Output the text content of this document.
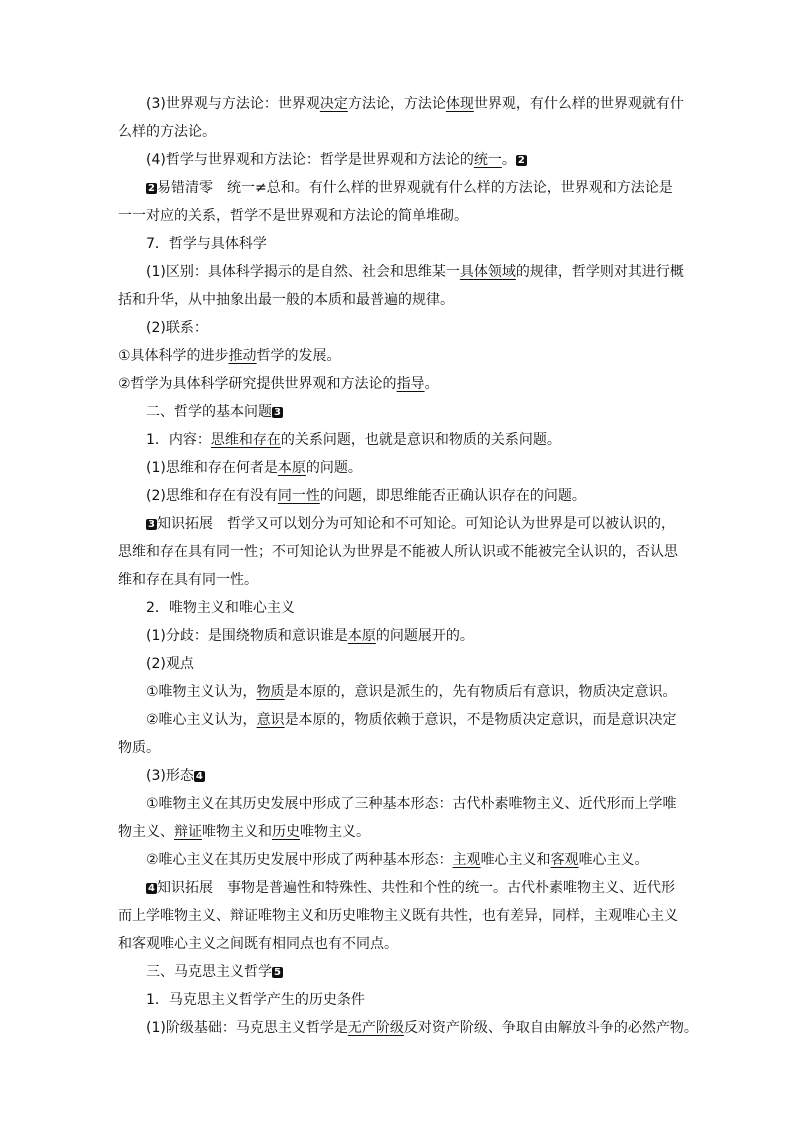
(3)世界观与方法论：世界观决定方法论，方法论体现世界观，有什么样的世界观就有什
么样的方法论。
(4)哲学与世界观和方法论：哲学是世界观和方法论的统一。 2
2 易错清零　统一≠总和。有什么样的世界观就有什么样的方法论，世界观和方法论是
一一对应的关系，哲学不是世界观和方法论的简单堆砌。
7．哲学与具体科学
(1)区别：具体科学揭示的是自然、社会和思维某一具体领域的规律，哲学则对其进行概
括和升华，从中抽象出最一般的本质和最普遍的规律。
(2)联系：
①具体科学的进步推动哲学的发展。
②哲学为具体科学研究提供世界观和方法论的指导。
二、哲学的基本问题 3
1．内容：思维和存在的关系问题，也就是意识和物质的关系问题。
(1)思维和存在何者是本原的问题。
(2)思维和存在有没有同一性的问题，即思维能否正确认识存在的问题。
3 知识拓展　哲学又可以划分为可知论和不可知论。可知论认为世界是可以被认识的，
思维和存在具有同一性；不可知论认为世界是不能被人所认识或不能被完全认识的，否认思
维和存在具有同一性。
2．唯物主义和唯心主义
(1)分歧：是围绕物质和意识谁是本原的问题展开的。
(2)观点
①唯物主义认为，物质是本原的，意识是派生的，先有物质后有意识，物质决定意识。
②唯心主义认为，意识是本原的，物质依赖于意识，不是物质决定意识，而是意识决定
物质。
(3)形态 4
①唯物主义在其历史发展中形成了三种基本形态：古代朴素唯物主义、近代形而上学唯
物主义、辩证唯物主义和历史唯物主义。
②唯心主义在其历史发展中形成了两种基本形态：主观唯心主义和客观唯心主义。
4 知识拓展　事物是普遍性和特殊性、共性和个性的统一。古代朴素唯物主义、近代形
而上学唯物主义、辩证唯物主义和历史唯物主义既有共性，也有差异，同样，主观唯心主义
和客观唯心主义之间既有相同点也有不同点。
三、马克思主义哲学 5
1．马克思主义哲学产生的历史条件
(1)阶级基础：马克思主义哲学是无产阶级反对资产阶级、争取自由解放斗争的必然产物。
